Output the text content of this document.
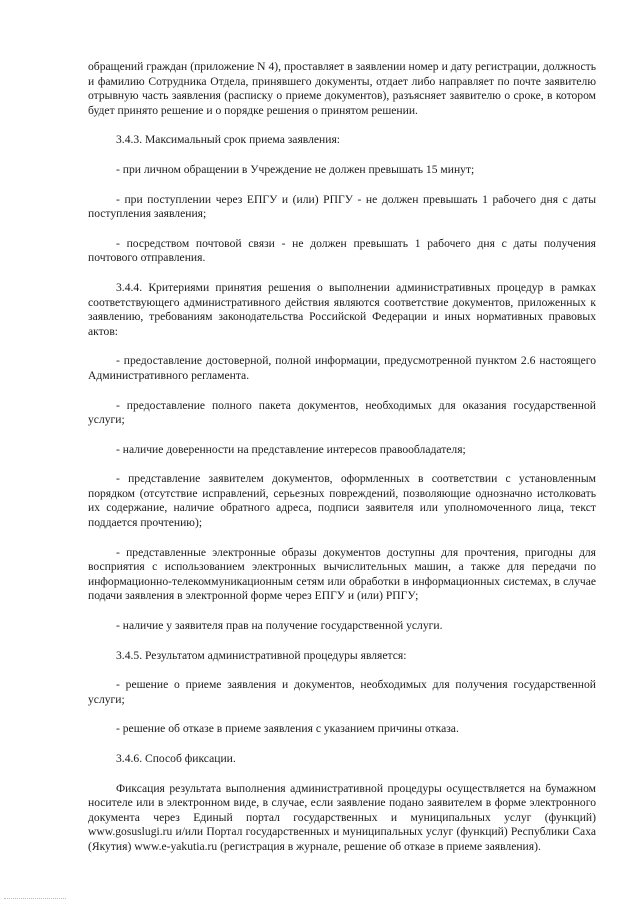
обращений граждан (приложение N 4), проставляет в заявлении номер и дату регистрации, должность и фамилию Сотрудника Отдела, принявшего документы, отдает либо направляет по почте заявителю отрывную часть заявления (расписку о приеме документов), разъясняет заявителю о сроке, в котором будет принято решение и о порядке решения о принятом решении.

3.4.3. Максимальный срок приема заявления:

- при личном обращении в Учреждение не должен превышать 15 минут;

- при поступлении через ЕПГУ и (или) РПГУ - не должен превышать 1 рабочего дня с даты поступления заявления;

- посредством почтовой связи - не должен превышать 1 рабочего дня с даты получения почтового отправления.

3.4.4. Критериями принятия решения о выполнении административных процедур в рамках соответствующего административного действия являются соответствие документов, приложенных к заявлению, требованиям законодательства Российской Федерации и иных нормативных правовых актов:

- предоставление достоверной, полной информации, предусмотренной пунктом 2.6 настоящего Административного регламента.

- предоставление полного пакета документов, необходимых для оказания государственной услуги;

- наличие доверенности на представление интересов правообладателя;

- представление заявителем документов, оформленных в соответствии с установленным порядком (отсутствие исправлений, серьезных повреждений, позволяющие однозначно истолковать их содержание, наличие обратного адреса, подписи заявителя или уполномоченного лица, текст поддается прочтению);

- представленные электронные образы документов доступны для прочтения, пригодны для восприятия с использованием электронных вычислительных машин, а также для передачи по информационно-телекоммуникационным сетям или обработки в информационных системах, в случае подачи заявления в электронной форме через ЕПГУ и (или) РПГУ;

- наличие у заявителя прав на получение государственной услуги.

3.4.5. Результатом административной процедуры является:

- решение о приеме заявления и документов, необходимых для получения государственной услуги;

- решение об отказе в приеме заявления с указанием причины отказа.

3.4.6. Способ фиксации.

Фиксация результата выполнения административной процедуры осуществляется на бумажном носителе или в электронном виде, в случае, если заявление подано заявителем в форме электронного документа через Единый портал государственных и муниципальных услуг (функций) www.gosuslugi.ru и/или Портал государственных и муниципальных услуг (функций) Республики Саха (Якутия) www.e-yakutia.ru (регистрация в журнале, решение об отказе в приеме заявления).
